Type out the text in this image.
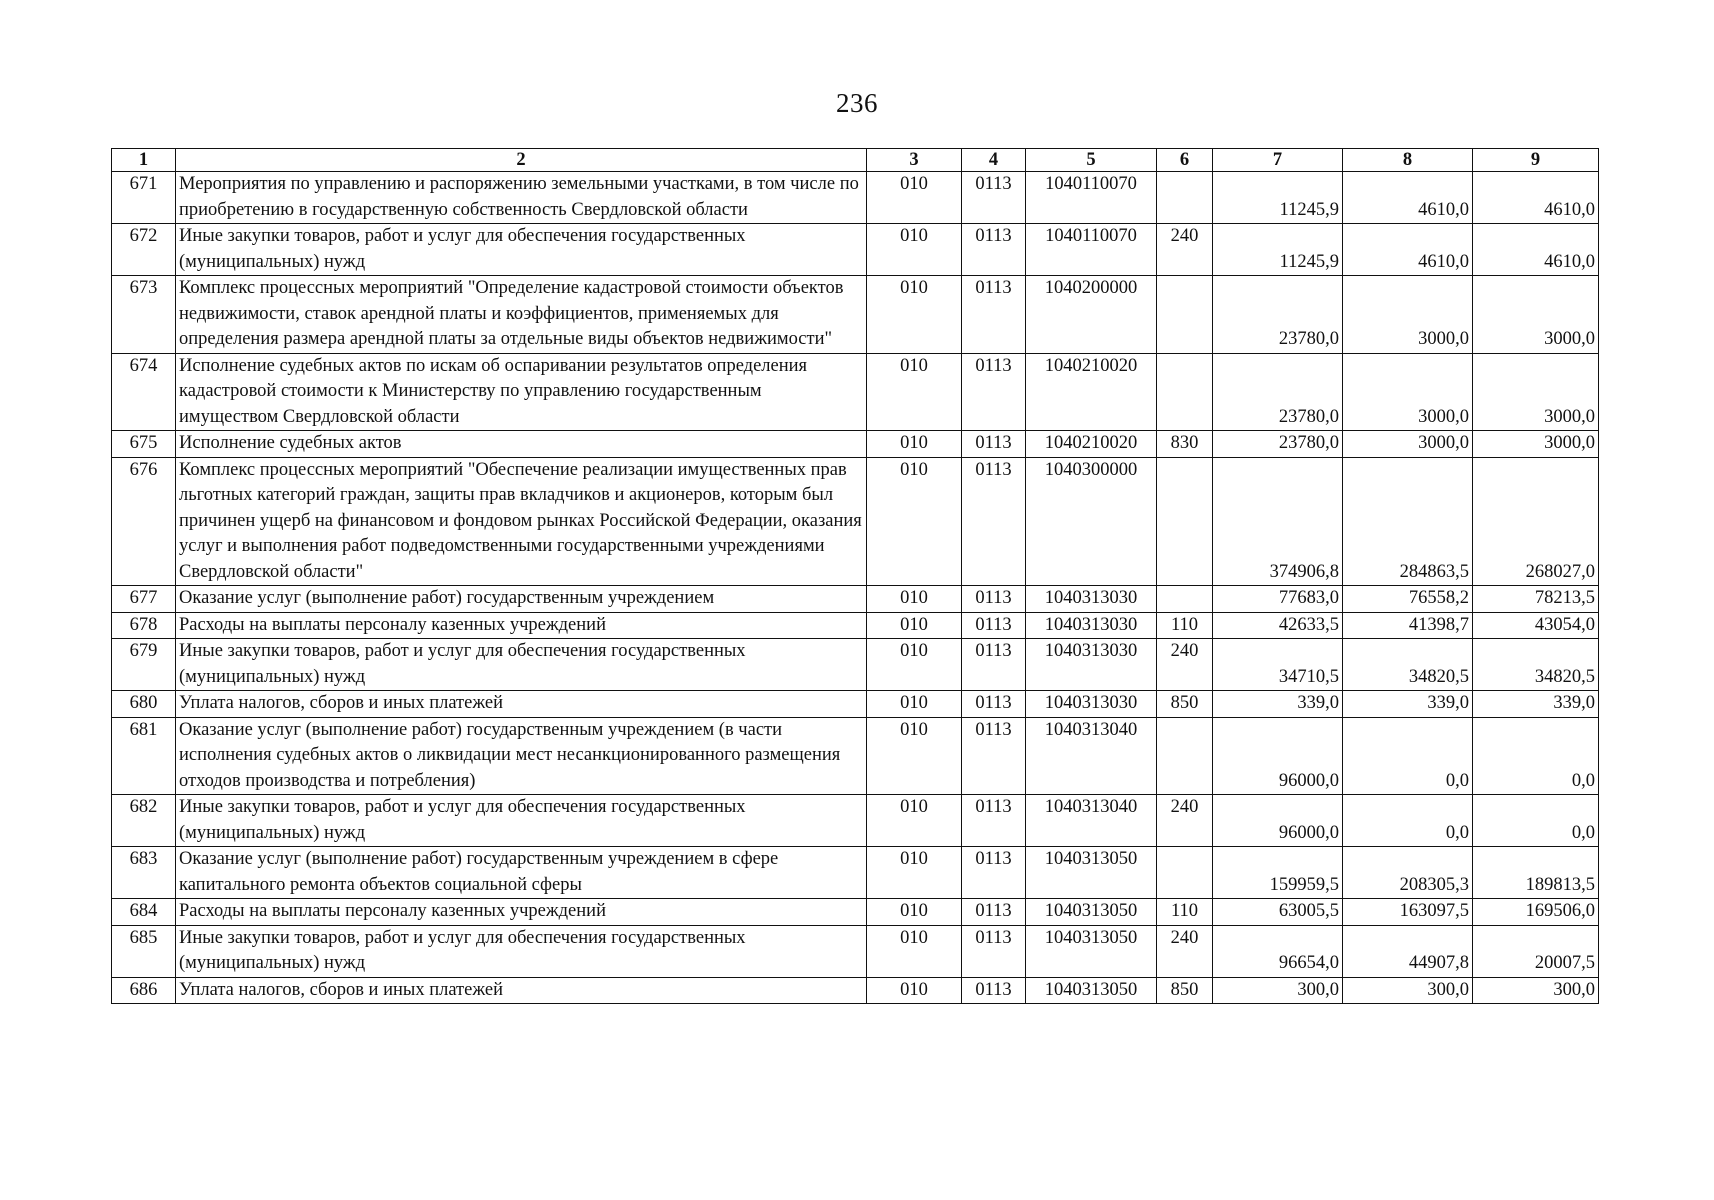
236
1	2	3	4	5	6	7	8	9
671	Мероприятия по управлению и распоряжению земельными участками, в том числе по приобретению в государственную собственность Свердловской области	010	0113	1040110070		11245,9	4610,0	4610,0
672	Иные закупки товаров, работ и услуг для обеспечения государственных (муниципальных) нужд	010	0113	1040110070	240	11245,9	4610,0	4610,0
673	Комплекс процессных мероприятий "Определение кадастровой стоимости объектов недвижимости, ставок арендной платы и коэффициентов, применяемых для определения размера арендной платы за отдельные виды объектов недвижимости"	010	0113	1040200000		23780,0	3000,0	3000,0
674	Исполнение судебных актов по искам об оспаривании результатов определения кадастровой стоимости к Министерству по управлению государственным имуществом Свердловской области	010	0113	1040210020		23780,0	3000,0	3000,0
675	Исполнение судебных актов	010	0113	1040210020	830	23780,0	3000,0	3000,0
676	Комплекс процессных мероприятий "Обеспечение реализации имущественных прав льготных категорий граждан, защиты прав вкладчиков и акционеров, которым был причинен ущерб на финансовом и фондовом рынках Российской Федерации, оказания услуг и выполнения работ подведомственными государственными учреждениями Свердловской области"	010	0113	1040300000		374906,8	284863,5	268027,0
677	Оказание услуг (выполнение работ) государственным учреждением	010	0113	1040313030		77683,0	76558,2	78213,5
678	Расходы на выплаты персоналу казенных учреждений	010	0113	1040313030	110	42633,5	41398,7	43054,0
679	Иные закупки товаров, работ и услуг для обеспечения государственных (муниципальных) нужд	010	0113	1040313030	240	34710,5	34820,5	34820,5
680	Уплата налогов, сборов и иных платежей	010	0113	1040313030	850	339,0	339,0	339,0
681	Оказание услуг (выполнение работ) государственным учреждением (в части исполнения судебных актов о ликвидации мест несанкционированного размещения отходов производства и потребления)	010	0113	1040313040		96000,0	0,0	0,0
682	Иные закупки товаров, работ и услуг для обеспечения государственных (муниципальных) нужд	010	0113	1040313040	240	96000,0	0,0	0,0
683	Оказание услуг (выполнение работ) государственным учреждением в сфере капитального ремонта объектов социальной сферы	010	0113	1040313050		159959,5	208305,3	189813,5
684	Расходы на выплаты персоналу казенных учреждений	010	0113	1040313050	110	63005,5	163097,5	169506,0
685	Иные закупки товаров, работ и услуг для обеспечения государственных (муниципальных) нужд	010	0113	1040313050	240	96654,0	44907,8	20007,5
686	Уплата налогов, сборов и иных платежей	010	0113	1040313050	850	300,0	300,0	300,0
